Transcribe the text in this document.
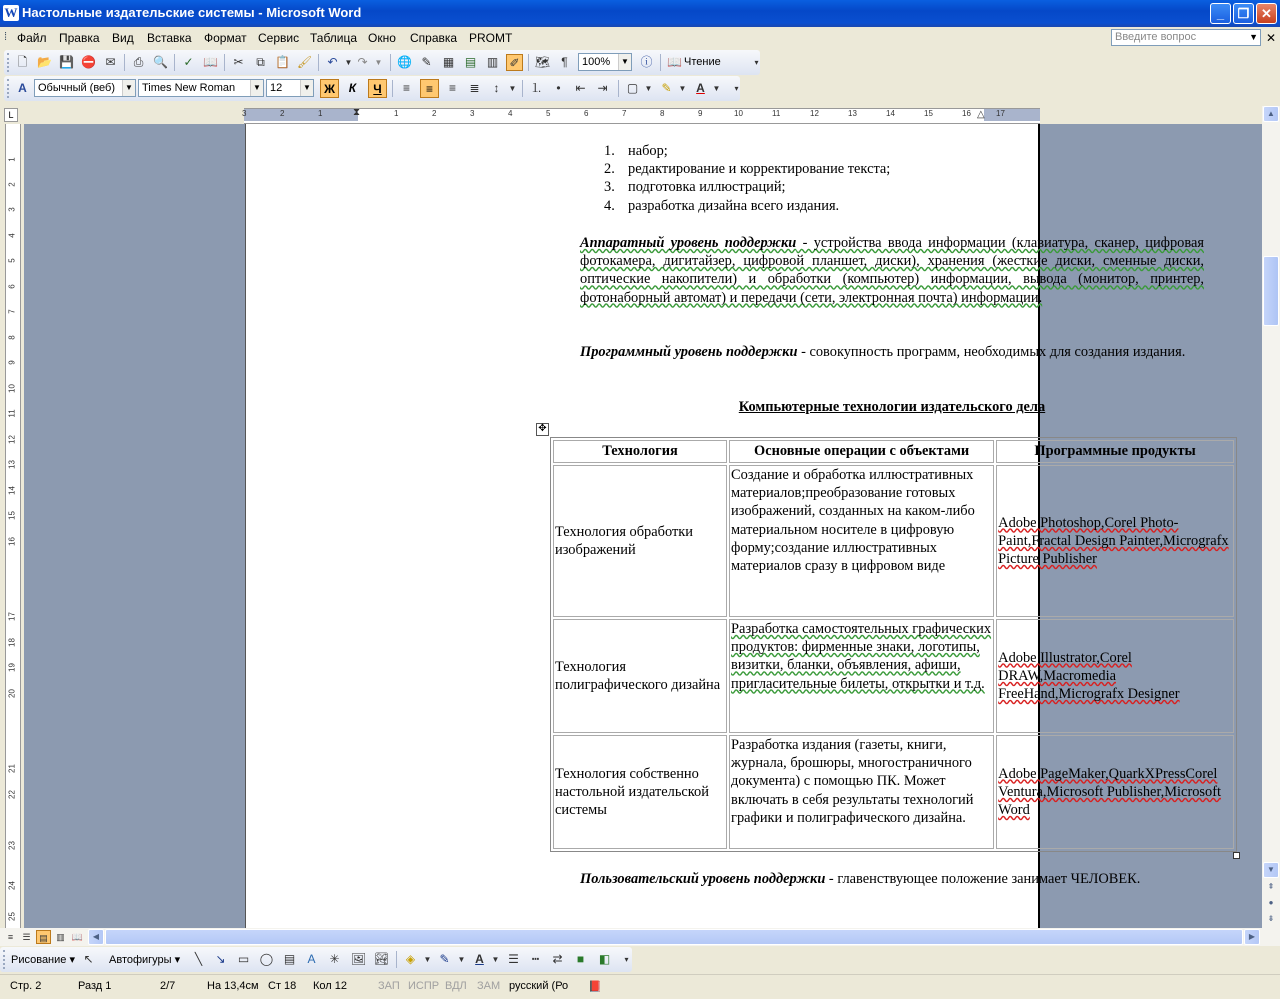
W Настольные издательские системы - Microsoft Word	_	❐ ✕
⁞ Файл Правка Вид Вставка Формат Сервис Таблица Окно Справка PROMT	Введите вопрос	▼ ✕
🗋 📂 💾 ⛔ ✉	⎙ 🔍 ✓ 📖 ✂	⧉ 📋 🖌 ↶ ▼ ↷ ▼	🌐 ✎ ▦ ▤ ▥ ✐ 🗺 ¶	100%	▼ ⓘ 📖 Чтение	▾
A	Обычный (веб)	▼ Times New Roman	▼ 12	▼	Ж	К	Ч	≡	≡	≡	≣	↕	▼	⒈	•	⇤ ⇥ ▢ ▼ ✎ ▼ A ▼	▾
L	3	2	1	1	2	3	4	5	6	7	8	9	10	11	12	13	14	15	16	17
⧗	△
1
2
3
4
5
6
7
8
9
10
11
12
13
14
15
16
17
18
19
20
21
22
23
24
25
1. набор;
2. редактирование и корректирование текста;
3. подготовка иллюстраций;
4. разработка дизайна всего издания.
Аппаратный уровень поддержки - устройства ввода информации (клавиатура, сканер, цифровая фотокамера, дигитайзер, цифровой планшет, диски), хранения (жесткие диски, сменные диски, оптические накопители) и обработки (компьютер) информации, вывода (монитор, принтер, фотонаборный автомат) и передачи (сети, электронная почта) информации.
Программный уровень поддержки - совокупность программ, необходимых для создания издания.
Компьютерные технологии издательского дела
✥
Технология	Основные операции с объектами	Программные продукты
Технология обработки изображений	Создание и обработка иллюстративных материалов;преобразование готовых изображений, созданных на каком-либо материальном носителе в цифровую форму;создание иллюстративных материалов сразу в цифровом виде	Adobe Photoshop,Corel Photo-Paint,Fractal Design Painter,Micrografx Picture Publisher
Технология полиграфического дизайна	Разработка самостоятельных графических продуктов: фирменные знаки, логотипы, визитки, бланки, объявления, афиши, пригласительные билеты, открытки и т.д.	Adobe Illustrator,Corel DRAW,Macromedia FreeHand,Micrografx Designer
Технология собственно настольной издательской системы	Разработка издания (газеты, книги, журнала, брошюры, многостраничного документа) с помощью ПК. Может включать в себя результаты технологий графики и полиграфического дизайна.	Adobe PageMaker,QuarkXPressCorel Ventura,Microsoft Publisher,Microsoft Word
Пользовательский уровень поддержки - главенствующее положение занимает ЧЕЛОВЕК.
▲
▼
⇞
●
⇟
≡	▤ ▥
☰	📖	◀	▶
Рисование ▾ ↖	Автофигуры ▾	╲	↘ ▭ ◯ ▤	A	✳ 🖼 🏞	◈	▼ ✎	▼ A ▼ ☰	┅	⇄	■	◧	▾
Стр. 2	Разд 1	2/7	На 13,4см Ст 18 Кол 12	ЗАП ИСПР ВДЛ ЗАМ русский (Ро 📕
